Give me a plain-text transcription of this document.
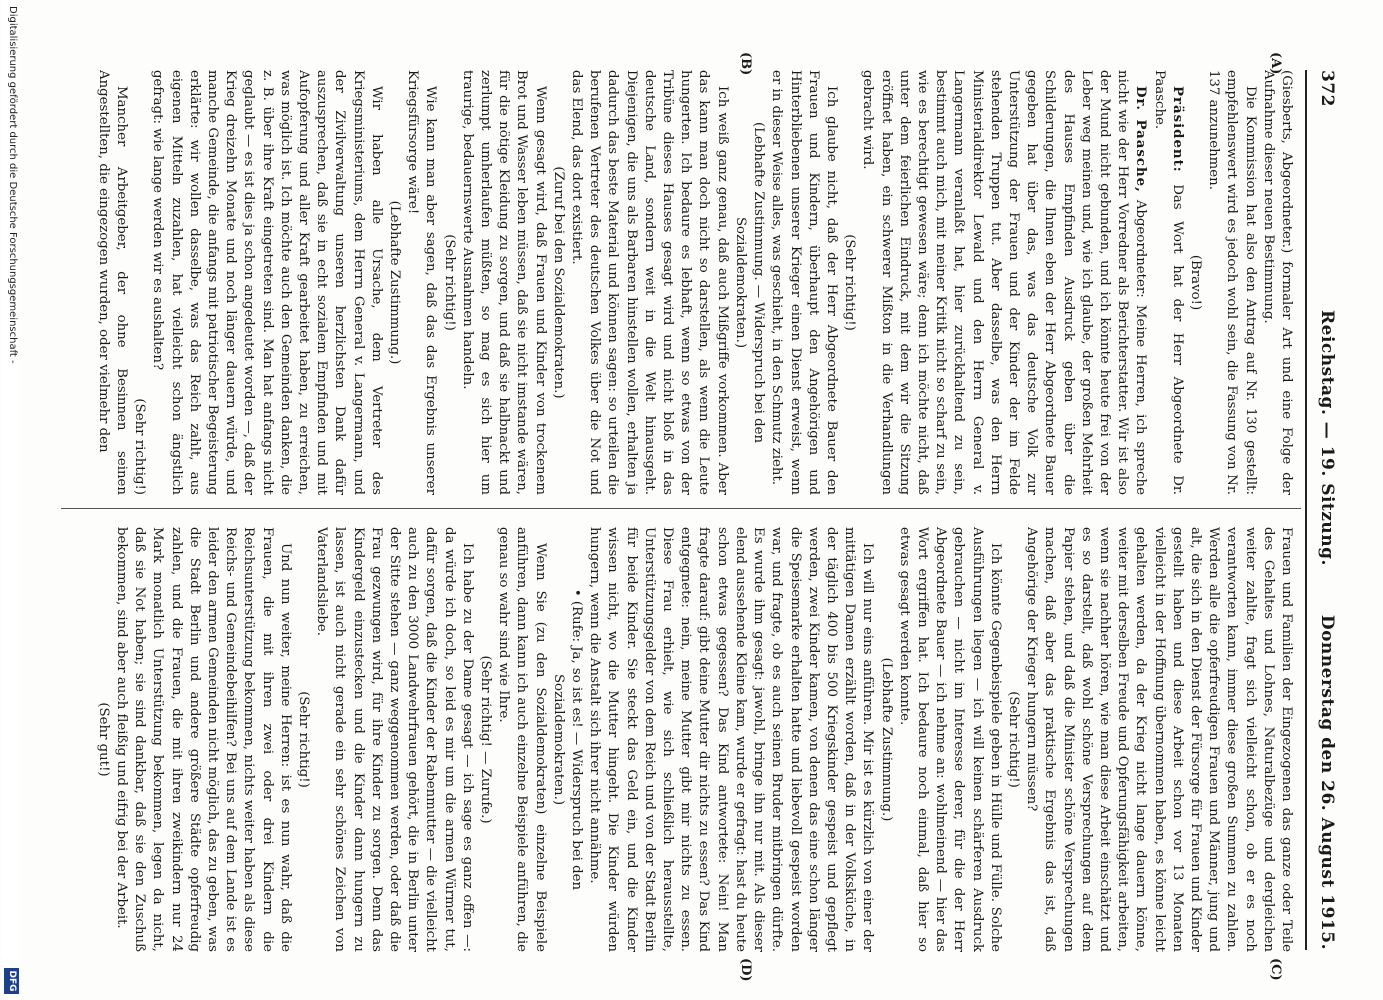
372
Reichstag. — 19. Sitzung.
Donnerstag den 26. August 1915.
(A)
(B)
(C)
(D)

(Giesberts, Abgeordneter.) formaler Art und eine Folge der Aufnahme dieser neuen Bestimmung.

Die Kommission hat also den Antrag auf Nr. 130 gestellt: empfehlenswert wird es jedoch wohl sein, die Fassung von Nr. 137 anzunehmen.

(Bravo!)

Präsident: Das Wort hat der Herr Abgeordnete Dr. Paasche.

Dr. Paasche, Abgeordneter: Meine Herren, ich spreche nicht wie der Herr Vorredner als Berichterstatter. Wir ist also der Mund nicht gebunden, und ich könnte heute frei von der Leber weg meinen und, wie ich glaube, der großen Mehrheit des Hauses Empfinden Ausdruck geben über die Schilderungen, die Ihnen eben der Herr Abgeordnete Bauer gegeben hat über das, was das deutsche Volk zur Unterstützung der Frauen und der Kinder der im Felde stehenden Truppen tut. Aber dasselbe, was den Herrn Ministerialdirektor Lewald und den Herrn General v. Langermann veranlaßt hat, hier zurückhaltend zu sein, bestimmt auch mich, mit meiner Kritik nicht so scharf zu sein, wie es berechtigt gewesen wäre; denn ich möchte nicht, daß unter dem feierlichen Eindruck, mit dem wir die Sitzung eröffnet haben, ein schwerer Mißton in die Verhandlungen gebracht wird.

(Sehr richtig!)

Ich glaube nicht, daß der Herr Abgeordnete Bauer den Frauen und Kindern, überhaupt den Angehörigen und Hinterbliebenen unserer Krieger einen Dienst erweist, wenn er in dieser Weise alles, was geschieht, in den Schmutz zieht.

(Lebhafte Zustimmung. — Widerspruch bei den Sozialdemokraten.)

Ich weiß ganz genau, daß auch Mißgriffe vorkommen. Aber das kann man doch nicht so darstellen, als wenn die Leute hungerten. Ich bedaure es lebhaft, wenn so etwas von der Tribüne dieses Hauses gesagt wird und nicht bloß in das deutsche Land, sondern weit in die Welt hinausgeht. Diejenigen, die uns als Barbaren hinstellen wollen, erhalten ja dadurch das beste Material und können sagen: so urteilen die berufenen Vertreter des deutschen Volkes über die Not und das Elend, das dort existiert.

(Zuruf bei den Sozialdemokraten.)

Wenn gesagt wird, daß Frauen und Kinder von trockenem Brot und Wasser leben müssen, daß sie nicht imstande wären, für die nötige Kleidung zu sorgen, und daß sie halbnackt und zerlumpt umherlaufen müßten, so mag es sich hier um traurige, bedauernswerte Ausnahmen handeln.

(Sehr richtig!)

Wie kann man aber sagen, daß das das Ergebnis unserer Kriegsfürsorge wäre!

(Lebhafte Zustimmung.)

Wir haben alle Ursache, dem Vertreter des Kriegsministeriums, dem Herrn General v. Langermann, und der Zivilverwaltung unseren herzlichsten Dank dafür auszusprechen, daß sie in echt sozialem Empfinden und mit Aufopferung und aller Kraft gearbeitet haben, zu erreichen, was möglich ist. Ich möchte auch den Gemeinden danken, die z. B. über ihre Kraft eingetreten sind. Man hat anfangs nicht geglaubt — es ist dies ja schon angedeutet worden —, daß der Krieg dreizehn Monate und noch länger dauern würde, und manche Gemeinde, die anfangs mit patriotischer Begeisterung erklärte: wir wollen dasselbe, was das Reich zahlt, aus eigenen Mitteln zuzahlen, hat vielleicht schon ängstlich gefragt: wie lange werden wir es aushalten?

(Sehr richtig!)

Mancher Arbeitgeber, der ohne Besinnen seinen Angestellten, die eingezogen wurden, oder vielmehr den

Frauen und Familien der Eingezogenen das ganze oder Teile des Gehaltes und Lohnes, Naturalbezüge und dergleichen weiter zahlte, fragt sich vielleicht schon, ob er es noch verantworten kann, immer diese großen Summen zu zahlen. Werden alle die opferfreudigen Frauen und Männer, jung und alt, die sich in den Dienst der Fürsorge für Frauen und Kinder gestellt haben und diese Arbeit schon vor 13 Monaten vielleicht in der Hoffnung übernommen haben, es könne leicht gehalten werden, da der Krieg nicht lange dauern könne, weiter mit derselben Freude und Opferungsfähigkeit arbeiten, wenn sie nachher hören, wie man diese Arbeit einschätzt und es so darstellt, daß wohl schöne Versprechungen auf dem Papier stehen, und daß die Minister schöne Versprechungen machen, daß aber das praktische Ergebnis das ist, daß Angehörige der Krieger hungern müssen?

(Sehr richtig!)

Ich könnte Gegenbeispiele geben in Hülle und Fülle. Solche Ausführungen liegen — ich will keinen schärferen Ausdruck gebrauchen — nicht im Interesse derer, für die der Herr Abgeordnete Bauer — ich nehme an: wohlmeinend — hier das Wort ergriffen hat. Ich bedaure noch einmal, daß hier so etwas gesagt werden konnte.

(Lebhafte Zustimmung.)

Ich will nur eins anführen. Mir ist es kürzlich von einer der mittätigen Damen erzählt worden, daß in der Volksküche, in der täglich 400 bis 500 Kriegskinder gespeist und gepflegt werden, zwei Kinder kamen, von denen das eine schon länger die Speisemarke erhalten hatte und liebevoll gespeist worden war, und fragte, ob es auch seinen Bruder mitbringen dürfte. Es wurde ihm gesagt: jawohl, bringe ihn nur mit. Als dieser elend aussehende Kleine kam, wurde er gefragt: hast du heute schon etwas gegessen? Das Kind antwortete: Nein! Man fragte darauf: gibt deine Mutter dir nichts zu essen? Das Kind entgegnete: nein, meine Mutter gibt mir nichts zu essen. Diese Frau erhielt, wie sich schließlich herausstellte, Unterstützungsgelder von dem Reich und von der Stadt Berlin für beide Kinder. Sie steckt das Geld ein, und die Kinder wissen nicht, wo die Mutter hingeht. Die Kinder würden hungern, wenn die Anstalt sich ihrer nicht annähme.

• (Rufe: Ja, so ist es! — Widerspruch bei den Sozialdemokraten.)

Wenn Sie (zu den Sozialdemokraten) einzelne Beispiele anführen, dann kann ich auch einzelne Beispiele anführen, die genau so wahr sind wie Ihre.

(Sehr richtig! — Zurufe.)

Ich habe zu der Dame gesagt — ich sage es ganz offen —: da würde ich doch, so leid es mir um die armen Würmer tut, dafür sorgen, daß die Kinder der Rabenmutter — die vielleicht auch zu den 3000 Landwehrfrauen gehört, die in Berlin unter der Sitte stehen — ganz weggenommen werden, oder daß die Frau gezwungen wird, für ihre Kinder zu sorgen. Denn das Kindergeld einzustecken und die Kinder dann hungern zu lassen, ist auch nicht gerade ein sehr schönes Zeichen von Vaterlandsliebe.

(Sehr richtig!)

Und nun weiter, meine Herren: ist es nun wahr, daß die Frauen, die mit ihren zwei oder drei Kindern die Reichsunterstützung bekommen, nichts weiter haben als diese Reichs- und Gemeindebeihilfen? Bei uns auf dem Lande ist es leider den armen Gemeinden nicht möglich, das zu geben, was die Stadt Berlin und andere größere Städte opferfreudig zahlen, und die Frauen, die mit ihren zweikindern nur 24 Mark monatlich Unterstützung bekommen, legen da nicht, daß sie Not haben; sie sind dankbar, daß sie den Zuschuß bekommen, sind aber auch fleißig und eifrig bei der Arbeit.

(Sehr gut!)

Digitalisierung gefördert durch die Deutsche Forschungsgemeinschaft -
DFG
